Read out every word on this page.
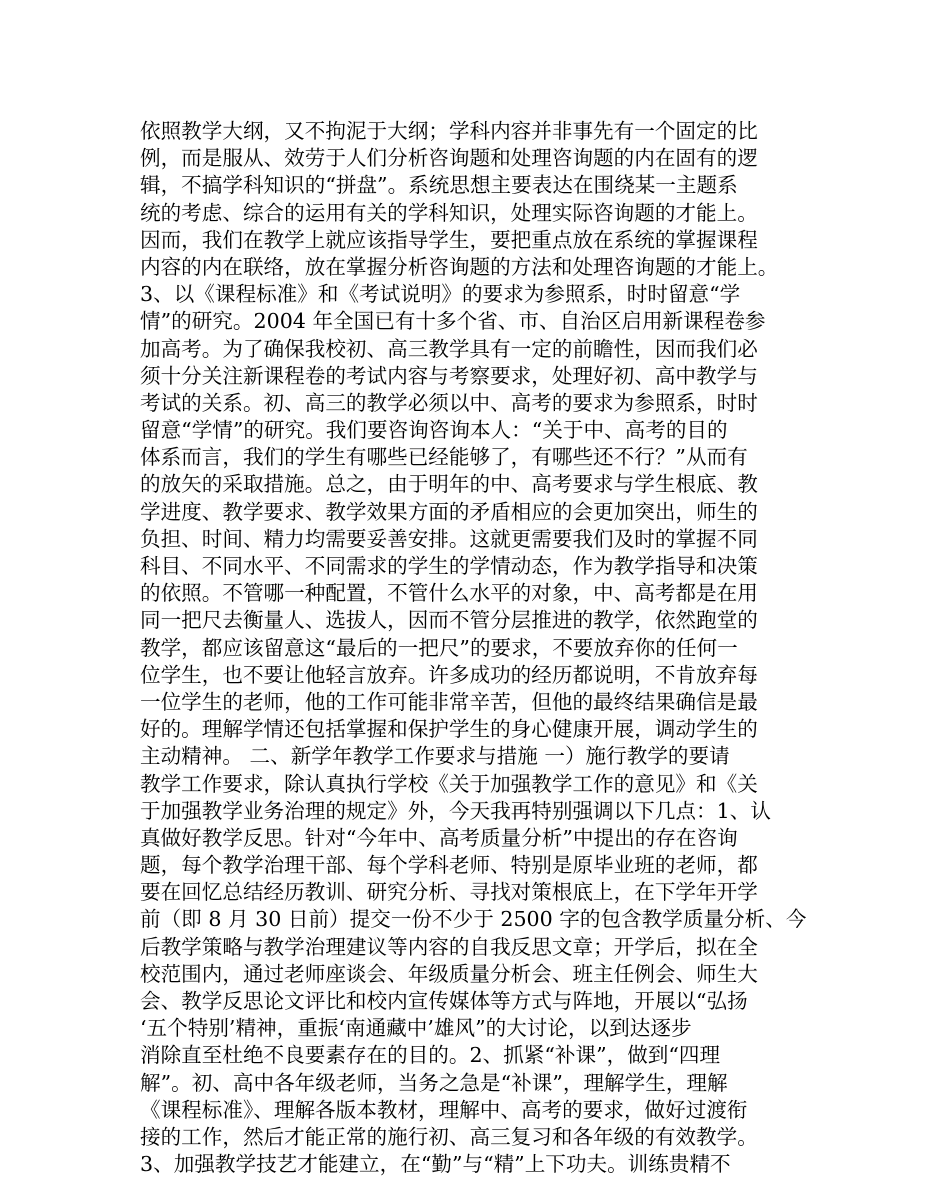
依照教学大纲，又不拘泥于大纲；学科内容并非事先有一个固定的比
例，而是服从、效劳于人们分析咨询题和处理咨询题的内在固有的逻
辑，不搞学科知识的“拼盘”。系统思想主要表达在围绕某一主题系
统的考虑、综合的运用有关的学科知识，处理实际咨询题的才能上。
因而，我们在教学上就应该指导学生，要把重点放在系统的掌握课程
内容的内在联络，放在掌握分析咨询题的方法和处理咨询题的才能上。
3、以《课程标准》和《考试说明》的要求为参照系，时时留意“学
情”的研究。2004 年全国已有十多个省、市、自治区启用新课程卷参
加高考。为了确保我校初、高三教学具有一定的前瞻性，因而我们必
须十分关注新课程卷的考试内容与考察要求，处理好初、高中教学与
考试的关系。初、高三的教学必须以中、高考的要求为参照系，时时
留意“学情”的研究。我们要咨询咨询本人：“关于中、高考的目的
体系而言，我们的学生有哪些已经能够了，有哪些还不行？”从而有
的放矢的采取措施。总之，由于明年的中、高考要求与学生根底、教
学进度、教学要求、教学效果方面的矛盾相应的会更加突出，师生的
负担、时间、精力均需要妥善安排。这就更需要我们及时的掌握不同
科目、不同水平、不同需求的学生的学情动态，作为教学指导和决策
的依照。不管哪一种配置，不管什么水平的对象，中、高考都是在用
同一把尺去衡量人、选拔人，因而不管分层推进的教学，依然跑堂的
教学，都应该留意这“最后的一把尺”的要求，不要放弃你的任何一
位学生，也不要让他轻言放弃。许多成功的经历都说明，不肯放弃每
一位学生的老师，他的工作可能非常辛苦，但他的最终结果确信是最
好的。理解学情还包括掌握和保护学生的身心健康开展，调动学生的
主动精神。 二、新学年教学工作要求与措施 一）施行教学的要请
教学工作要求，除认真执行学校《关于加强教学工作的意见》和《关
于加强教学业务治理的规定》外，今天我再特别强调以下几点：1、认
真做好教学反思。针对“今年中、高考质量分析”中提出的存在咨询
题，每个教学治理干部、每个学科老师、特别是原毕业班的老师，都
要在回忆总结经历教训、研究分析、寻找对策根底上，在下学年开学
前（即 8 月 30 日前）提交一份不少于 2500 字的包含教学质量分析、今
后教学策略与教学治理建议等内容的自我反思文章；开学后，拟在全
校范围内，通过老师座谈会、年级质量分析会、班主任例会、师生大
会、教学反思论文评比和校内宣传媒体等方式与阵地，开展以“弘扬
‘五个特别’精神，重振‘南通藏中’雄风”的大讨论，以到达逐步
消除直至杜绝不良要素存在的目的。2、抓紧“补课”，做到“四理
解”。初、高中各年级老师，当务之急是“补课”，理解学生，理解
《课程标准》、理解各版本教材，理解中、高考的要求，做好过渡衔
接的工作，然后才能正常的施行初、高三复习和各年级的有效教学。
3、加强教学技艺才能建立，在“勤”与“精”上下功夫。训练贵精不
